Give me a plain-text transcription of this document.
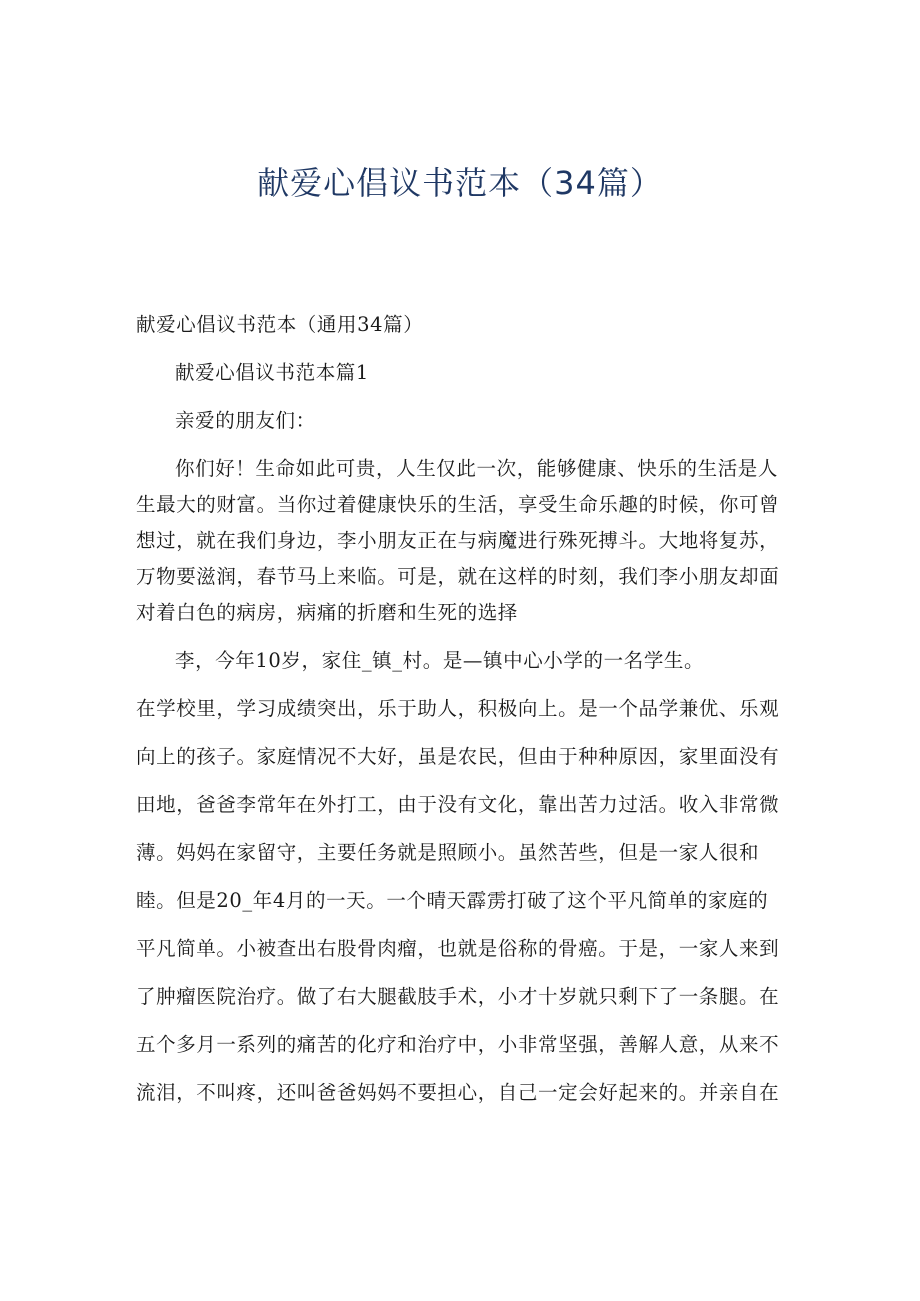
献爱心倡议书范本（34篇）

献爱心倡议书范本（通用34篇）

献爱心倡议书范本篇1

亲爱的朋友们：

你们好！生命如此可贵，人生仅此一次，能够健康、快乐的生活是人生最大的财富。当你过着健康快乐的生活，享受生命乐趣的时候，你可曾想过，就在我们身边，李小朋友正在与病魔进行殊死搏斗。大地将复苏，万物要滋润，春节马上来临。可是，就在这样的时刻，我们李小朋友却面对着白色的病房，病痛的折磨和生死的选择

李，今年10岁，家住_镇_村。是—镇中心小学的一名学生。
在学校里，学习成绩突出，乐于助人，积极向上。是一个品学兼优、乐观
向上的孩子。家庭情况不大好，虽是农民，但由于种种原因，家里面没有
田地，爸爸李常年在外打工，由于没有文化，靠出苦力过活。收入非常微
薄。妈妈在家留守，主要任务就是照顾小。虽然苦些，但是一家人很和
睦。但是20_年4月的一天。一个晴天霹雳打破了这个平凡简单的家庭的
平凡简单。小被查出右股骨肉瘤，也就是俗称的骨癌。于是，一家人来到
了肿瘤医院治疗。做了右大腿截肢手术，小才十岁就只剩下了一条腿。在
五个多月一系列的痛苦的化疗和治疗中，小非常坚强，善解人意，从来不
流泪，不叫疼，还叫爸爸妈妈不要担心，自己一定会好起来的。并亲自在
